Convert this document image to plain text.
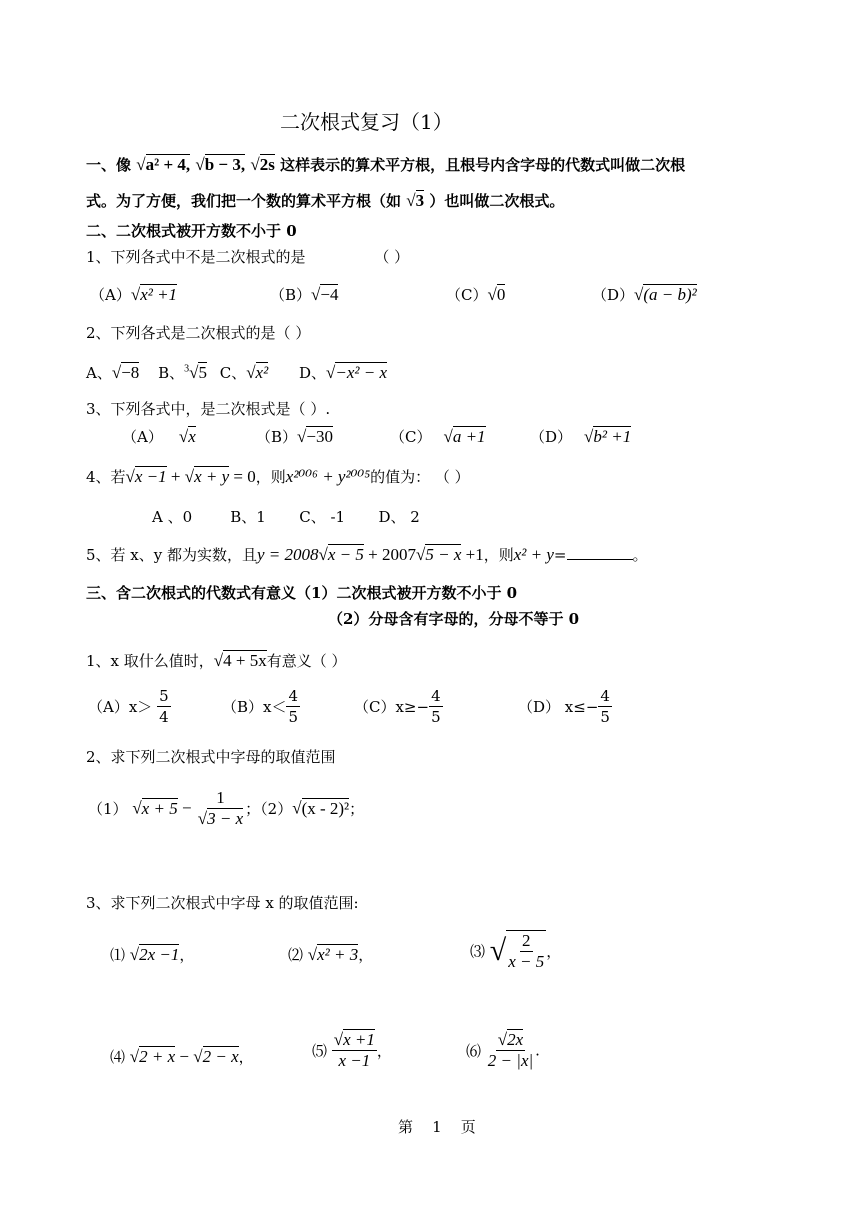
二次根式复习（1）
一、像 √a² + 4, √b − 3, √2s 这样表示的算术平方根，且根号内含字母的代数式叫做二次根
式。为了方便，我们把一个数的算术平方根（如 √3 ）也叫做二次根式。
二、二次根式被开方数不小于 0
1、下列各式中不是二次根式的是	（ ）
（A）√x² +1	（B）√−4	（C）√0	（D）√(a − b)²
2、下列各式是二次根式的是（ ）
A、√−8 B、$^3$√5 C、√x² D、√−x² − x
3、下列各式中，是二次根式是（ ）.
（A） √x	（B）√−30	（C） √a +1	（D） √b² +1
4、若√x −1 + √x + y = 0，则x²⁰⁰⁶ + y²⁰⁰⁵的值为： （ ）
A 、0        B、1       C、 -1       D、 2
5、若 x、y 都为实数，且y = 2008√x − 5 + 2007√5 − x +1，则x² + y=	。
三、含二次根式的代数式有意义（1）二次根式被开方数不小于 0
（2）分母含有字母的，分母不等于 0
1、x 取什么值时，√4 + 5x有意义（ ）
$(A)x> \frac{5}{4}$	$(B)x< \frac{4}{5}$	$(C)x\ge- \frac{4}{5}$	（D） $x\le- \frac{4}{5}$
2、求下列二次根式中字母的取值范围
（1） $√x + 5 - \frac{1}{√3 - x}$ ；（2）√(x - 2)²；
3、求下列二次根式中字母 x 的取值范围:
⑴ √2x −1，	⑵ √x² + 3，	⑶ √ $\frac{2}{x - 5}$ ，
⑷ √2 + x − √2 − x，	⑸ $\frac{√x +1}{x -1}$ ，	⑹ $\frac{√2x}{2 - |x|}$ .
第    1    页
